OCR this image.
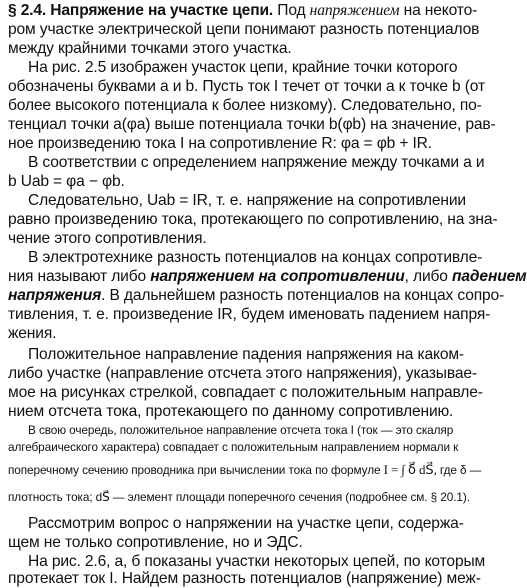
§ 2.4. Напряжение на участке цепи. Под напряжением на некото-
ром участке электрической цепи понимают разность потенциалов
между крайними точками этого участка.
На рис. 2.5 изображен участок цепи, крайние точки которого
обозначены буквами a и b. Пусть ток I течет от точки a к точке b (от
более высокого потенциала к более низкому). Следовательно, по-
тенциал точки a(φa) выше потенциала точки b(φb) на значение, рав-
ное произведению тока I на сопротивление R: φa = φb + IR.
В соответствии с определением напряжение между точками a и
b Uab = φa − φb.
Следовательно, Uab = IR, т. е. напряжение на сопротивлении
равно произведению тока, протекающего по сопротивлению, на зна-
чение этого сопротивления.
В электротехнике разность потенциалов на концах сопротивле-
ния называют либо напряжением на сопротивлении, либо падением
напряжения. В дальнейшем разность потенциалов на концах сопро-
тивления, т. е. произведение IR, будем именовать падением напря-
жения.
Положительное направление падения напряжения на каком-
либо участке (направление отсчета этого напряжения), указывае-
мое на рисунках стрелкой, совпадает с положительным направле-
нием отсчета тока, протекающего по данному сопротивлению.
В свою очередь, положительное направление отсчета тока I (ток — это скаляр
алгебраического характера) совпадает с положительным направлением нормали к
поперечному сечению проводника при вычислении тока по формуле I = ∫ δ⃗ dS⃗, где δ —
плотность тока; dS⃗ — элемент площади поперечного сечения (подробнее см. § 20.1).
Рассмотрим вопрос о напряжении на участке цепи, содержа-
щем не только сопротивление, но и ЭДС.
На рис. 2.6, а, б показаны участки некоторых цепей, по которым
протекает ток I. Найдем разность потенциалов (напряжение) меж-
